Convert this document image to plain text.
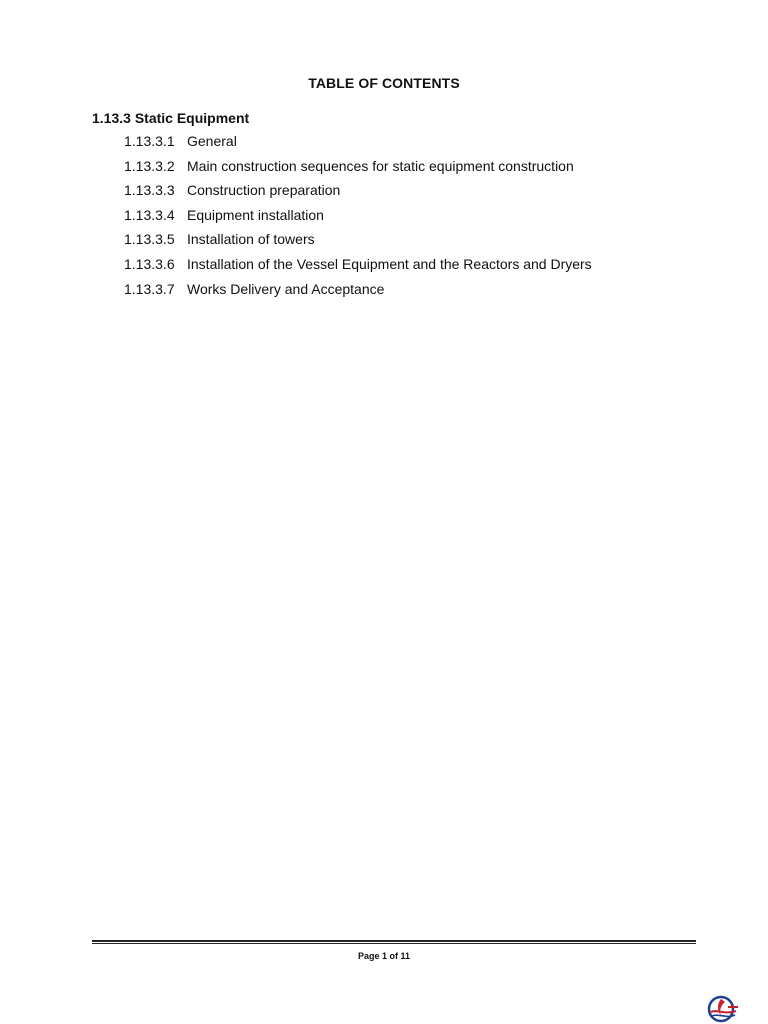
TABLE OF CONTENTS
1.13.3 Static Equipment
1.13.3.1 General
1.13.3.2 Main construction sequences for static equipment construction
1.13.3.3 Construction preparation
1.13.3.4 Equipment installation
1.13.3.5 Installation of towers
1.13.3.6 Installation of the Vessel Equipment and the Reactors and Dryers
1.13.3.7 Works Delivery and Acceptance
Page 1 of 11
